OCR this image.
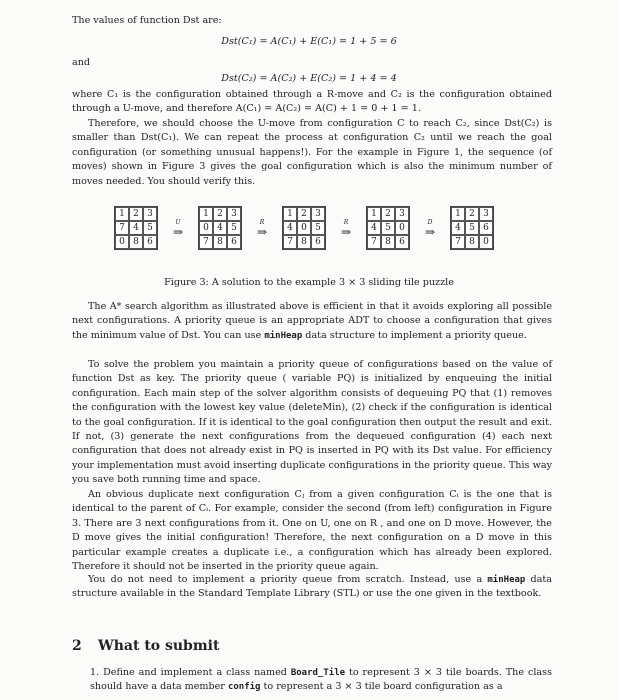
The values of function Dst are:

Dst(C₁) = A(C₁) + E(C₁) = 1 + 5 = 6

and

Dst(C₂) = A(C₂) + E(C₂) = 1 + 4 = 4

where C₁ is the configuration obtained through a R-move and C₂ is the configuration obtained through a U-move, and therefore A(C₁) = A(C₂) = A(C) + 1 = 0 + 1 = 1.

Therefore, we should choose the U-move from configuration C to reach C₂, since Dst(C₂) is smaller than Dst(C₁). We can repeat the process at configuration C₂ until we reach the goal configuration (or something unusual happens!). For the example in Figure 1, the sequence (of moves) shown in Figure 3 gives the goal configuration which is also the minimum number of moves needed. You should verify this.

1 2 3
7 4 5
0 8 6
U
⇒
1 2 3
0 4 5
7 8 6
R
⇒
1 2 3
4 0 5
7 8 6
R
⇒
1 2 3
4 5 0
7 8 6
D
⇒
1 2 3
4 5 6
7 8 0
Figure 3: A solution to the example 3 × 3 sliding tile puzzle

The A* search algorithm as illustrated above is efficient in that it avoids exploring all possible next configurations. A priority queue is an appropriate ADT to choose a configuration that gives the minimum value of Dst. You can use minHeap data structure to implement a priority queue.

To solve the problem you maintain a priority queue of configurations based on the value of function Dst as key. The priority queue ( variable PQ) is initialized by enqueuing the initial configuration. Each main step of the solver algorithm consists of dequeuing PQ that (1) removes the configuration with the lowest key value (deleteMin), (2) check if the configuration is identical to the goal configuration. If it is identical to the goal configuration then output the result and exit. If not, (3) generate the next configurations from the dequeued configuration (4) each next configuration that does not already exist in PQ is inserted in PQ with its Dst value. For efficiency your implementation must avoid inserting duplicate configurations in the priority queue. This way you save both running time and space.

An obvious duplicate next configuration Cⱼ from a given configuration Cᵢ is the one that is identical to the parent of Cᵢ. For example, consider the second (from left) configuration in Figure 3. There are 3 next configurations from it. One on U, one on R , and one on D move. However, the D move gives the initial configuration! Therefore, the next configuration on a D move in this particular example creates a duplicate i.e., a configuration which has already been explored. Therefore it should not be inserted in the priority queue again.

You do not need to implement a priority queue from scratch. Instead, use a minHeap data structure available in the Standard Template Library (STL) or use the one given in the textbook.

2 What to submit

1. Define and implement a class named Board_Tile to represent 3 × 3 tile boards. The class should have a data member config to represent a 3 × 3 tile board configuration as a
